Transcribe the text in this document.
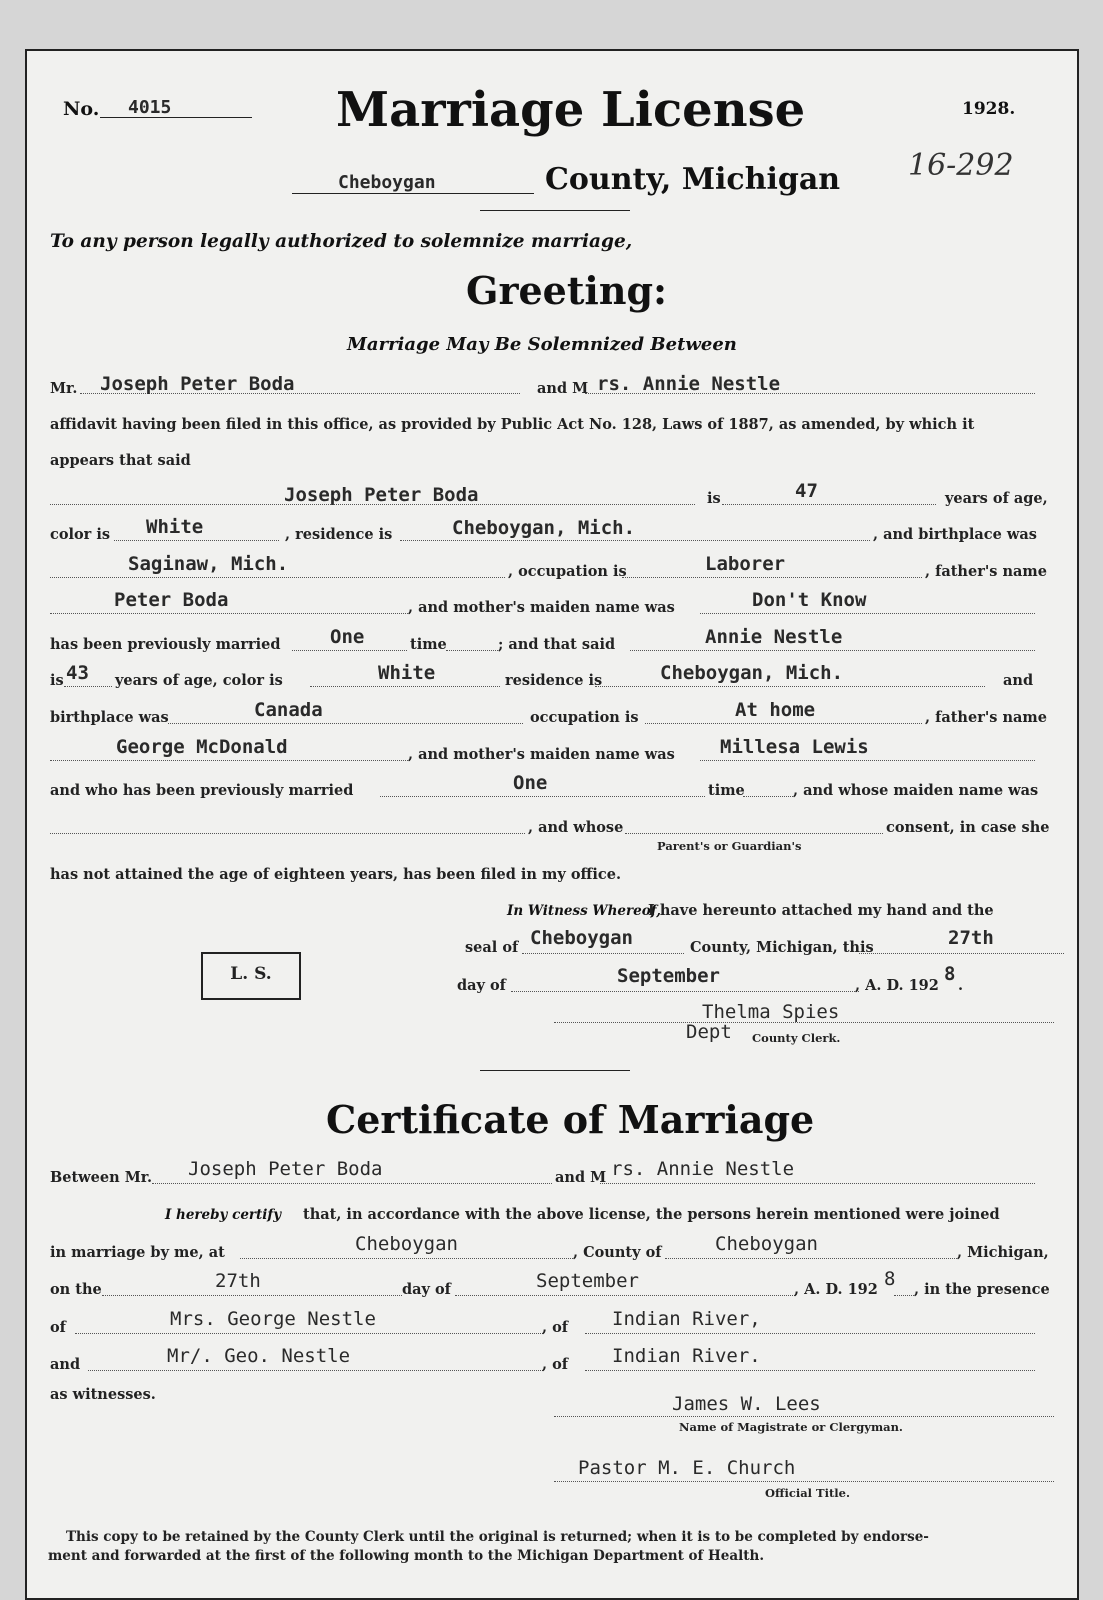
No. 4015	Marriage License	1928.
16-292
Cheboygan	County, Michigan
To any person legally authorized to solemnize marriage,
Greeting:
Marriage May Be Solemnized Between
Mr. Joseph Peter Boda	and M rs. Annie Nestle
affidavit having been filed in this office, as provided by Public Act No. 128, Laws of 1887, as amended, by which it
appears that said
Joseph Peter Boda	is	47	years of age,
color is White	, residence is	Cheboygan, Mich.	, and birthplace was
Saginaw, Mich.	, occupation is	Laborer	, father's name
Peter Boda	, and mother's maiden name was	Don't Know
has been previously married	One	time	; and that said	Annie Nestle
is 43 years of age, color is	White	residence is	Cheboygan, Mich.	and
birthplace was	Canada	occupation is	At home	, father's name
George McDonald	, and mother's maiden name was Millesa Lewis
and who has been previously married	One	time	, and whose maiden name was
, and whose
Parent's or Guardian's
consent, in case she
has not attained the age of eighteen years, has been filed in my office.
In Witness Whereof,
I have hereunto attached my hand and the
seal of Cheboygan	County, Michigan, this	27th
L. S.
day of	September	, A. D. 192
8
.
Thelma Spies
Dept County Clerk.
Certificate of Marriage
Between Mr. Joseph Peter Boda	and M rs. Annie Nestle
I hereby certify that, in accordance with the above license, the persons herein mentioned were joined
in marriage by me, at	Cheboygan	, County of	Cheboygan	, Michigan,
on the	27th	day of	September	, A. D. 192 8 , in the presence
of	Mrs. George Nestle	, of Indian River,
and	Mr/. Geo. Nestle	, of Indian River.
as witnesses.	James W. Lees
Name of Magistrate or Clergyman.
Pastor M. E. Church
Official Title.
This copy to be retained by the County Clerk until the original is returned; when it is to be completed by endorse-
ment and forwarded at the first of the following month to the Michigan Department of Health.
